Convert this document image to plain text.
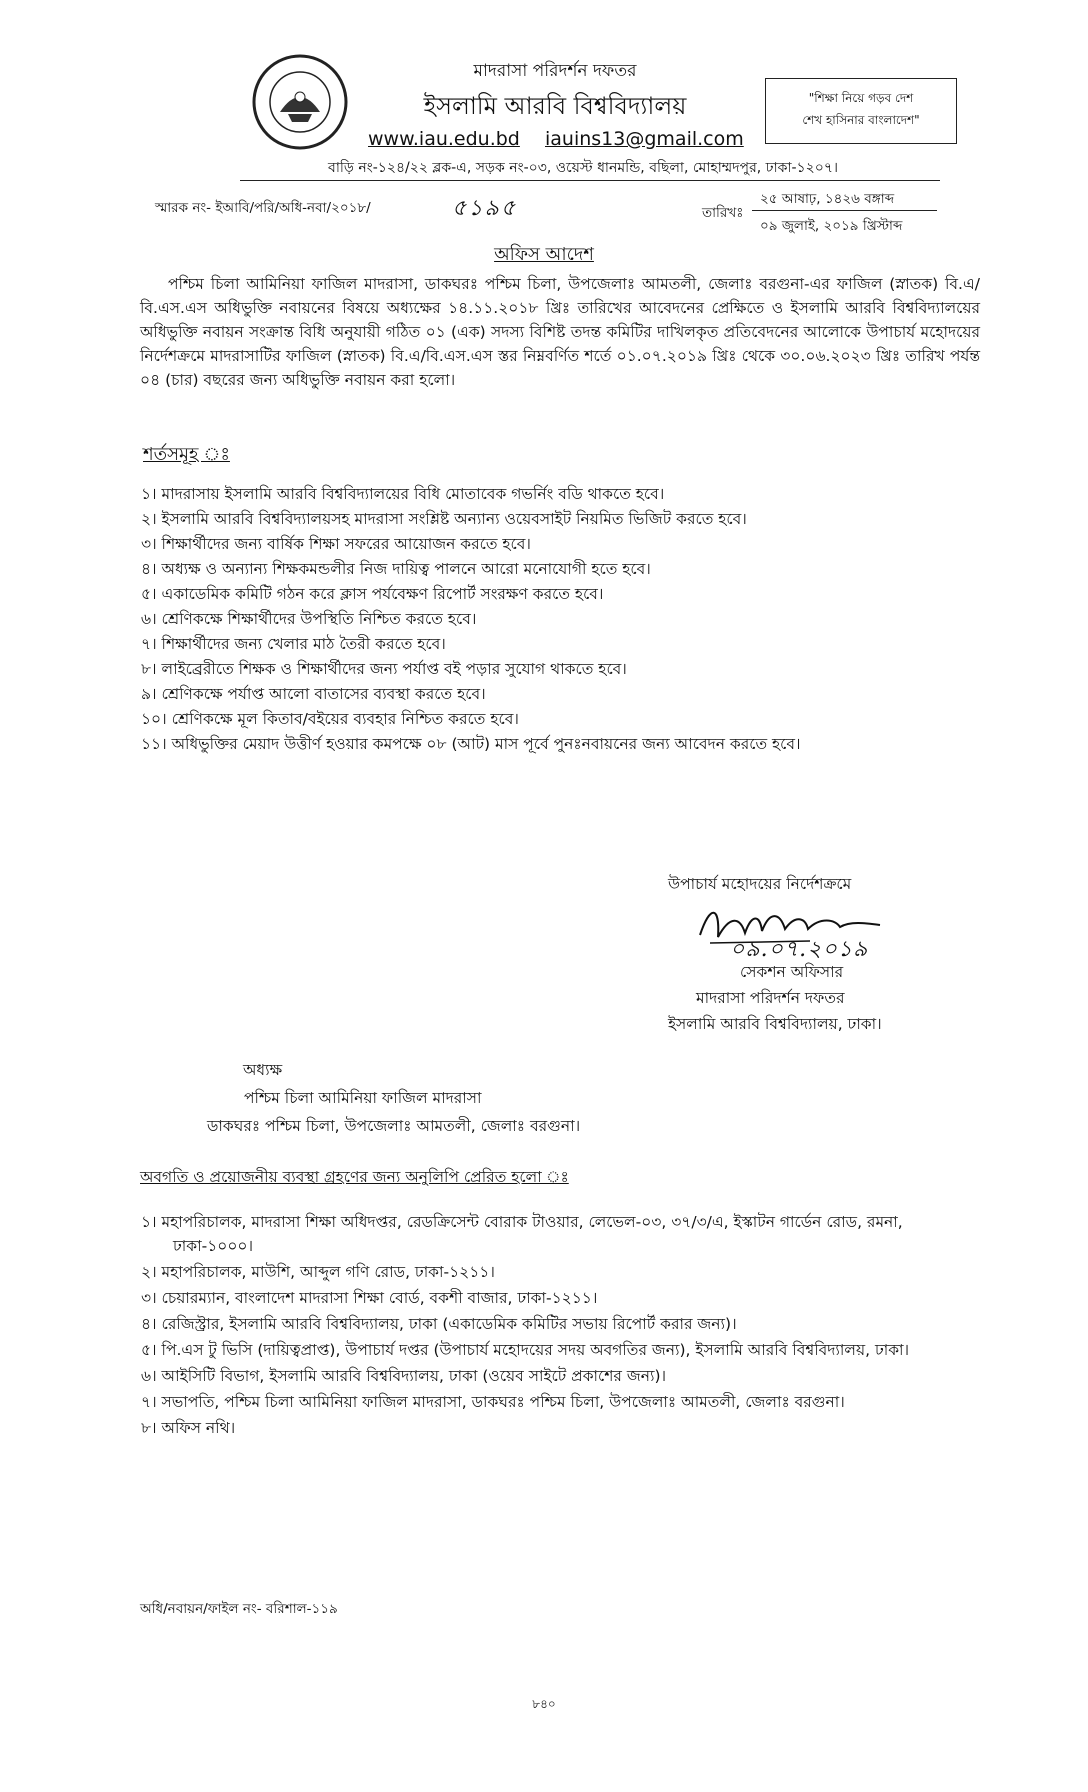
মাদরাসা পরিদর্শন দফতর
ইসলামি আরবি বিশ্ববিদ্যালয়
www.iau.edu.bd iauins13@gmail.com
"শিক্ষা নিয়ে গড়ব দেশ
শেখ হাসিনার বাংলাদেশ"
বাড়ি নং-১২৪/২২ ব্লক-এ, সড়ক নং-০৩, ওয়েস্ট ধানমন্ডি, বছিলা, মোহাম্মদপুর, ঢাকা-১২০৭।
স্মারক নং- ইআবি/পরি/অধি-নবা/২০১৮/	৫১৯৫	তারিখঃ
২৫ আষাঢ়, ১৪২৬ বঙ্গাব্দ
০৯ জুলাই, ২০১৯ খ্রিস্টাব্দ
অফিস আদেশ
পশ্চিম চিলা আমিনিয়া ফাজিল মাদরাসা, ডাকঘরঃ পশ্চিম চিলা, উপজেলাঃ আমতলী, জেলাঃ বরগুনা-এর ফাজিল (স্নাতক) বি.এ/বি.এস.এস অধিভুক্তি নবায়নের বিষয়ে অধ্যক্ষের ১৪.১১.২০১৮ খ্রিঃ তারিখের আবেদনের প্রেক্ষিতে ও ইসলামি আরবি বিশ্ববিদ্যালয়ের অধিভুক্তি নবায়ন সংক্রান্ত বিধি অনুযায়ী গঠিত ০১ (এক) সদস্য বিশিষ্ট তদন্ত কমিটির দাখিলকৃত প্রতিবেদনের আলোকে উপাচার্য মহোদয়ের নির্দেশক্রমে মাদরাসাটির ফাজিল (স্নাতক) বি.এ/বি.এস.এস স্তর নিম্নবর্ণিত শর্তে ০১.০৭.২০১৯ খ্রিঃ থেকে ৩০.০৬.২০২৩ খ্রিঃ তারিখ পর্যন্ত ০৪ (চার) বছরের জন্য অধিভুক্তি নবায়ন করা হলো।
শর্তসমূহ ঃ
১। মাদরাসায় ইসলামি আরবি বিশ্ববিদ্যালয়ের বিধি মোতাবেক গভর্নিং বডি থাকতে হবে।
২। ইসলামি আরবি বিশ্ববিদ্যালয়সহ মাদরাসা সংশ্লিষ্ট অন্যান্য ওয়েবসাইট নিয়মিত ভিজিট করতে হবে।
৩। শিক্ষার্থীদের জন্য বার্ষিক শিক্ষা সফরের আয়োজন করতে হবে।
৪। অধ্যক্ষ ও অন্যান্য শিক্ষকমন্ডলীর নিজ দায়িত্ব পালনে আরো মনোযোগী হতে হবে।
৫। একাডেমিক কমিটি গঠন করে ক্লাস পর্যবেক্ষণ রিপোর্ট সংরক্ষণ করতে হবে।
৬। শ্রেণিকক্ষে শিক্ষার্থীদের উপস্থিতি নিশ্চিত করতে হবে।
৭। শিক্ষার্থীদের জন্য খেলার মাঠ তৈরী করতে হবে।
৮। লাইব্রেরীতে শিক্ষক ও শিক্ষার্থীদের জন্য পর্যাপ্ত বই পড়ার সুযোগ থাকতে হবে।
৯। শ্রেণিকক্ষে পর্যাপ্ত আলো বাতাসের ব্যবস্থা করতে হবে।
১০। শ্রেণিকক্ষে মূল কিতাব/বইয়ের ব্যবহার নিশ্চিত করতে হবে।
১১। অধিভুক্তির মেয়াদ উত্তীর্ণ হওয়ার কমপক্ষে ০৮ (আট) মাস পূর্বে পুনঃনবায়নের জন্য আবেদন করতে হবে।
উপাচার্য মহোদয়ের নির্দেশক্রমে
০৯.০৭.২০১৯
সেকশন অফিসার
মাদরাসা পরিদর্শন দফতর
ইসলামি আরবি বিশ্ববিদ্যালয়, ঢাকা।
অধ্যক্ষ
পশ্চিম চিলা আমিনিয়া ফাজিল মাদরাসা
ডাকঘরঃ পশ্চিম চিলা, উপজেলাঃ আমতলী, জেলাঃ বরগুনা।
অবগতি ও প্রয়োজনীয় ব্যবস্থা গ্রহণের জন্য অনুলিপি প্রেরিত হলো ঃ
১। মহাপরিচালক, মাদরাসা শিক্ষা অধিদপ্তর, রেডক্রিসেন্ট বোরাক টাওয়ার, লেভেল-০৩, ৩৭/৩/এ, ইস্কাটন গার্ডেন রোড, রমনা, ঢাকা-১০০০।
২। মহাপরিচালক, মাউশি, আব্দুল গণি রোড, ঢাকা-১২১১।
৩। চেয়ারম্যান, বাংলাদেশ মাদরাসা শিক্ষা বোর্ড, বকশী বাজার, ঢাকা-১২১১।
৪। রেজিস্ট্রার, ইসলামি আরবি বিশ্ববিদ্যালয়, ঢাকা (একাডেমিক কমিটির সভায় রিপোর্ট করার জন্য)।
৫। পি.এস টু ভিসি (দায়িত্বপ্রাপ্ত), উপাচার্য দপ্তর (উপাচার্য মহোদয়ের সদয় অবগতির জন্য), ইসলামি আরবি বিশ্ববিদ্যালয়, ঢাকা।
৬। আইসিটি বিভাগ, ইসলামি আরবি বিশ্ববিদ্যালয়, ঢাকা (ওয়েব সাইটে প্রকাশের জন্য)।
৭। সভাপতি, পশ্চিম চিলা আমিনিয়া ফাজিল মাদরাসা, ডাকঘরঃ পশ্চিম চিলা, উপজেলাঃ আমতলী, জেলাঃ বরগুনা।
৮। অফিস নথি।
অধি/নবায়ন/ফাইল নং- বরিশাল-১১৯
৮৪০
